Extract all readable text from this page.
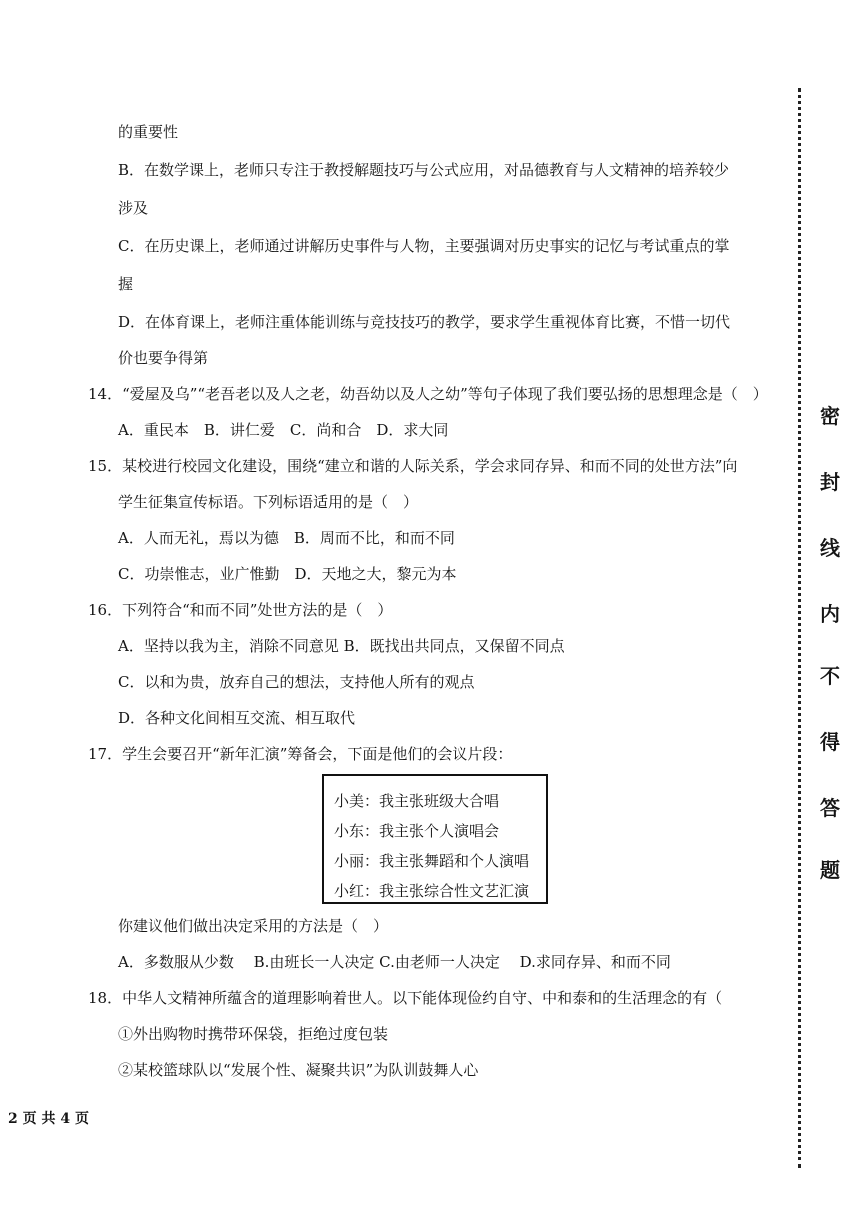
的重要性
B．在数学课上，老师只专注于教授解题技巧与公式应用，对品德教育与人文精神的培养较少
涉及
C．在历史课上，老师通过讲解历史事件与人物，主要强调对历史事实的记忆与考试重点的掌
握
D．在体育课上，老师注重体能训练与竞技技巧的教学，要求学生重视体育比赛，不惜一切代
价也要争得第
14．“爱屋及乌”“老吾老以及人之老，幼吾幼以及人之幼”等句子体现了我们要弘扬的思想理念是（　）
A．重民本　B．讲仁爱　C．尚和合　D．求大同
15．某校进行校园文化建设，围绕“建立和谐的人际关系，学会求同存异、和而不同的处世方法”向
学生征集宣传标语。下列标语适用的是（　）
A．人而无礼，焉以为德　B．周而不比，和而不同
C．功崇惟志，业广惟勤　D．天地之大，黎元为本
16．下列符合“和而不同”处世方法的是（　）
A．坚持以我为主，消除不同意见 B．既找出共同点，又保留不同点
C．以和为贵，放弃自己的想法，支持他人所有的观点
D．各种文化间相互交流、相互取代
17．学生会要召开“新年汇演”筹备会，下面是他们的会议片段：
小美：我主张班级大合唱
小东：我主张个人演唱会
小丽：我主张舞蹈和个人演唱
小红：我主张综合性文艺汇演
你建议他们做出决定采用的方法是（　）
A．多数服从少数　 B.由班长一人决定 C.由老师一人决定　 D.求同存异、和而不同
18．中华人文精神所蕴含的道理影响着世人。以下能体现俭约自守、中和泰和的生活理念的有（
①外出购物时携带环保袋，拒绝过度包装
②某校篮球队以“发展个性、凝聚共识”为队训鼓舞人心
2 页 共 4 页
密
封
线
内
不
得
答
题
